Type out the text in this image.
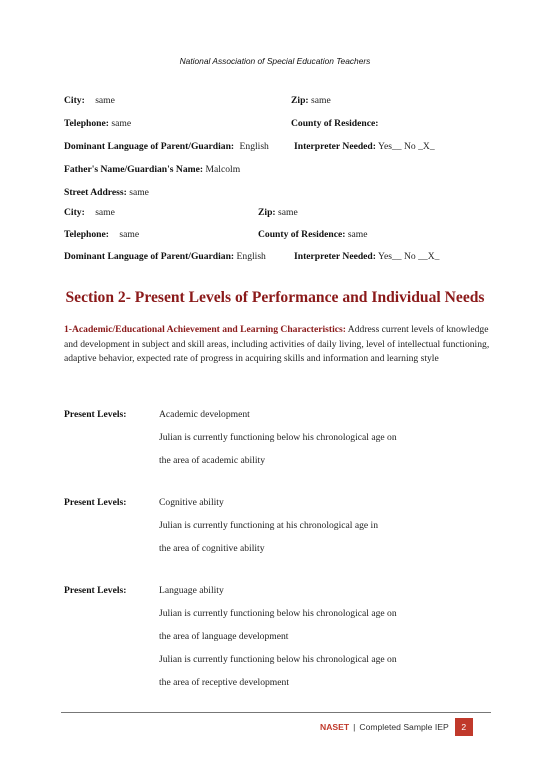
National Association of Special Education Teachers
City: same	Zip: same
Telephone: same	County of Residence:
Dominant Language of Parent/Guardian: English	Interpreter Needed: Yes__ No _X_
Father's Name/Guardian's Name: Malcolm
Street Address: same
City: same	Zip: same
Telephone: same	County of Residence: same
Dominant Language of Parent/Guardian: English	Interpreter Needed: Yes__ No __X_
Section 2- Present Levels of Performance and Individual Needs
1-Academic/Educational Achievement and Learning Characteristics: Address current levels of knowledge and development in subject and skill areas, including activities of daily living, level of intellectual functioning, adaptive behavior, expected rate of progress in acquiring skills and information and learning style
Present Levels:	Academic development
Julian is currently functioning below his chronological age on
the area of academic ability
Present Levels:	Cognitive ability
Julian is currently functioning at his chronological age in
the area of cognitive ability
Present Levels:	Language ability
Julian is currently functioning below his chronological age on
the area of language development
Julian is currently functioning below his chronological age on
the area of receptive development
NASET | Completed Sample IEP	2
